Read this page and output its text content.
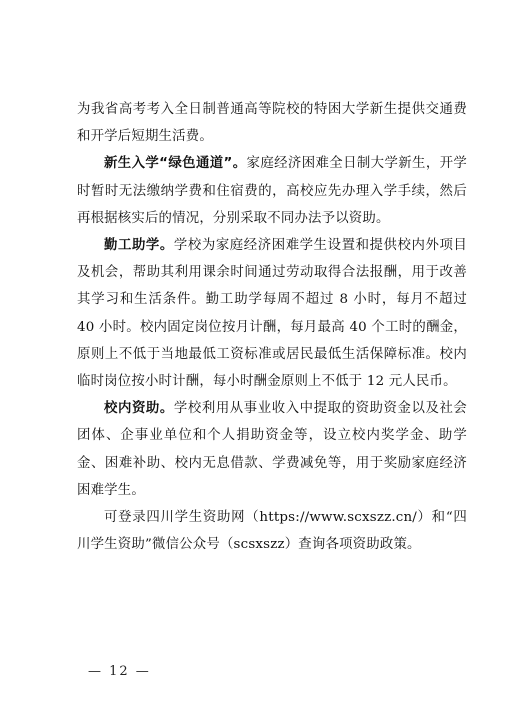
为我省高考考入全日制普通高等院校的特困大学新生提供交通费和开学后短期生活费。

新生入学“绿色通道”。家庭经济困难全日制大学新生，开学时暂时无法缴纳学费和住宿费的，高校应先办理入学手续，然后再根据核实后的情况，分别采取不同办法予以资助。

勤工助学。学校为家庭经济困难学生设置和提供校内外项目及机会，帮助其利用课余时间通过劳动取得合法报酬，用于改善其学习和生活条件。勤工助学每周不超过 8 小时，每月不超过 40 小时。校内固定岗位按月计酬，每月最高 40 个工时的酬金，原则上不低于当地最低工资标准或居民最低生活保障标准。校内临时岗位按小时计酬，每小时酬金原则上不低于 12 元人民币。

校内资助。学校利用从事业收入中提取的资助资金以及社会团体、企事业单位和个人捐助资金等，设立校内奖学金、助学金、困难补助、校内无息借款、学费减免等，用于奖励家庭经济困难学生。

可登录四川学生资助网（https://www.scxszz.cn/）和“四川学生资助”微信公众号（scsxszz）查询各项资助政策。

— 12 —
